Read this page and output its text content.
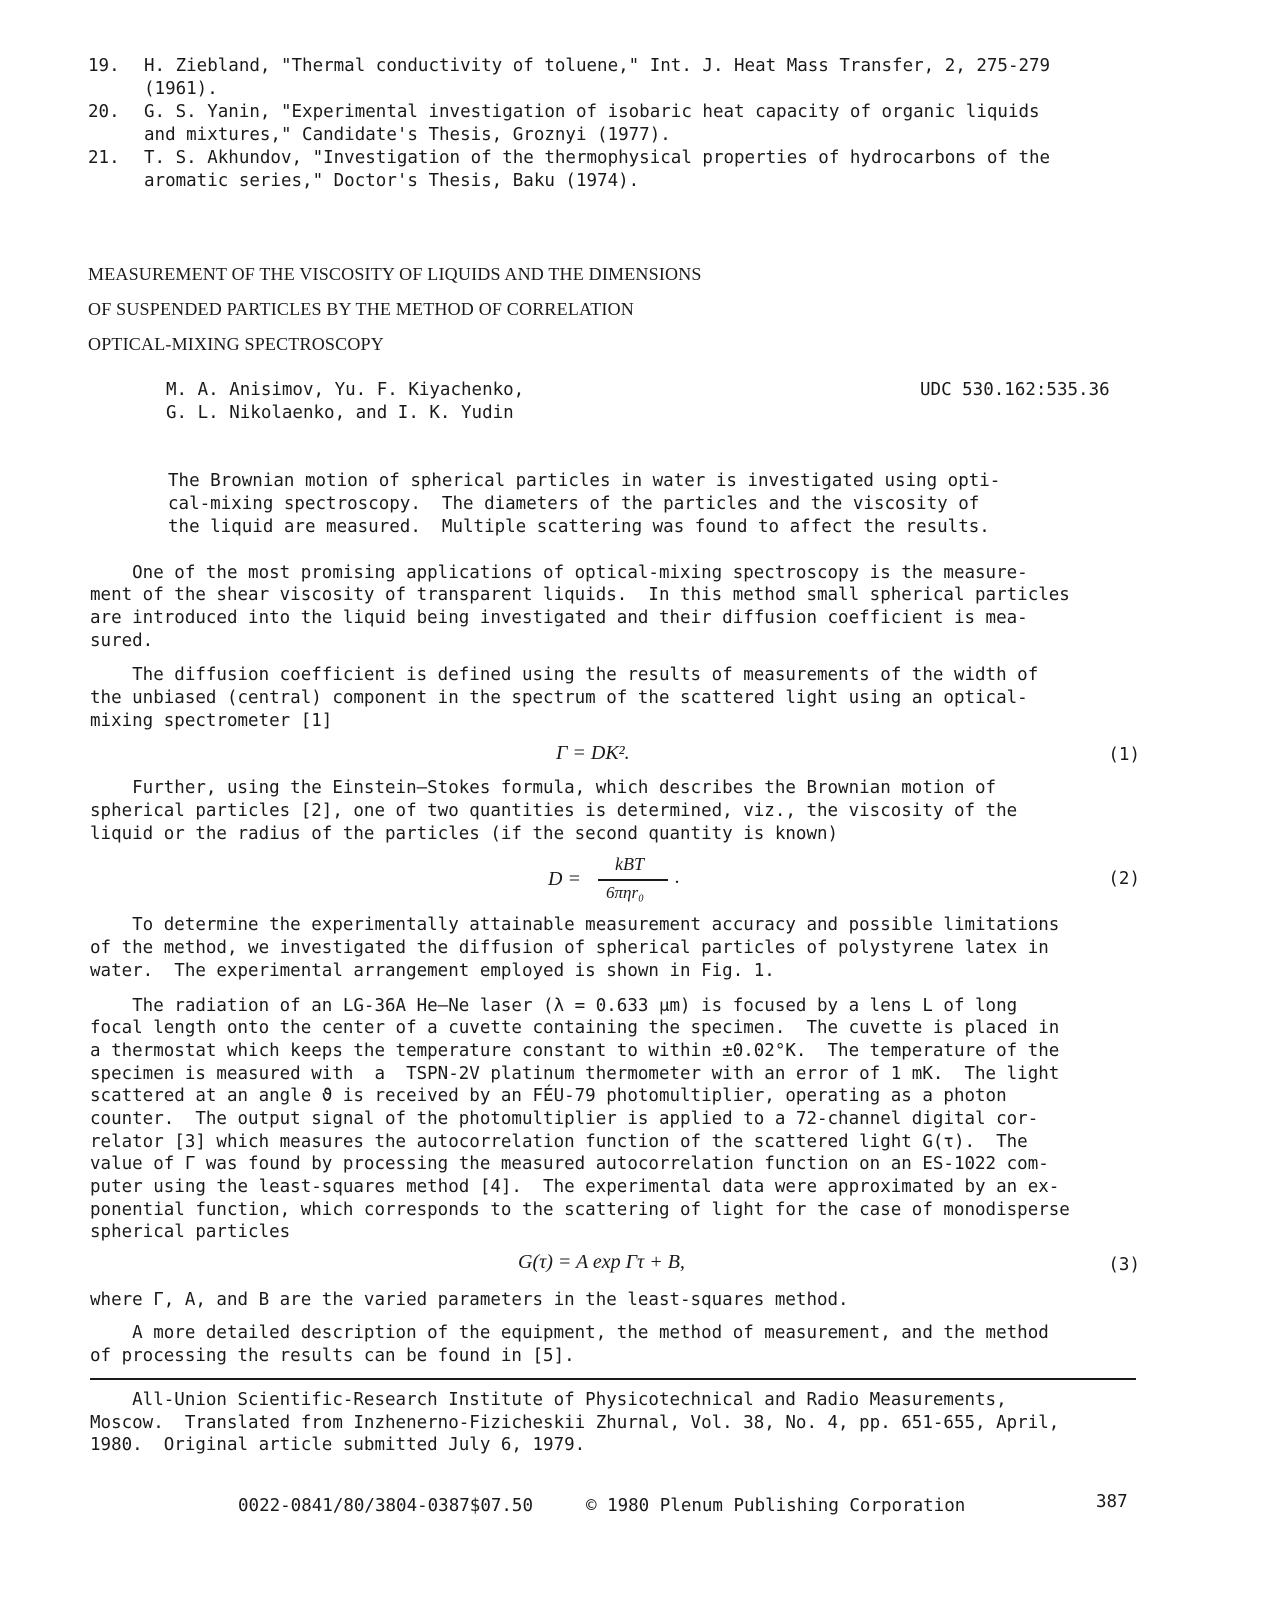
19.	H. Ziebland, "Thermal conductivity of toluene," Int. J. Heat Mass Transfer, 2, 275-279
(1961).
20.	G. S. Yanin, "Experimental investigation of isobaric heat capacity of organic liquids
and mixtures," Candidate's Thesis, Groznyi (1977).
21.	T. S. Akhundov, "Investigation of the thermophysical properties of hydrocarbons of the
aromatic series," Doctor's Thesis, Baku (1974).
MEASUREMENT OF THE VISCOSITY OF LIQUIDS AND THE DIMENSIONS
OF SUSPENDED PARTICLES BY THE METHOD OF CORRELATION
OPTICAL-MIXING SPECTROSCOPY
M. A. Anisimov, Yu. F. Kiyachenko,
G. L. Nikolaenko, and I. K. Yudin
UDC 530.162:535.36
The Brownian motion of spherical particles in water is investigated using opti-
cal-mixing spectroscopy.  The diameters of the particles and the viscosity of
the liquid are measured.  Multiple scattering was found to affect the results.
One of the most promising applications of optical-mixing spectroscopy is the measure-
ment of the shear viscosity of transparent liquids.  In this method small spherical particles
are introduced into the liquid being investigated and their diffusion coefficient is mea-
sured.
The diffusion coefficient is defined using the results of measurements of the width of
the unbiased (central) component in the spectrum of the scattered light using an optical-
mixing spectrometer [1]
Γ = DK².	(1)
Further, using the Einstein—Stokes formula, which describes the Brownian motion of
spherical particles [2], one of two quantities is determined, viz., the viscosity of the
liquid or the radius of the particles (if the second quantity is known)
D =
kBT
6πηr₀
.	(2)
To determine the experimentally attainable measurement accuracy and possible limitations
of the method, we investigated the diffusion of spherical particles of polystyrene latex in
water.  The experimental arrangement employed is shown in Fig. 1.
The radiation of an LG-36A He—Ne laser (λ = 0.633 μm) is focused by a lens L of long
focal length onto the center of a cuvette containing the specimen.  The cuvette is placed in
a thermostat which keeps the temperature constant to within ±0.02°K.  The temperature of the
specimen is measured with  a  TSPN-2V platinum thermometer with an error of 1 mK.  The light
scattered at an angle ϑ is received by an FÉU-79 photomultiplier, operating as a photon
counter.  The output signal of the photomultiplier is applied to a 72-channel digital cor-
relator [3] which measures the autocorrelation function of the scattered light G(τ).  The
value of Γ was found by processing the measured autocorrelation function on an ES-1022 com-
puter using the least-squares method [4].  The experimental data were approximated by an ex-
ponential function, which corresponds to the scattering of light for the case of monodisperse
spherical particles
G(τ) = A exp Γτ + B,	(3)
where Γ, A, and B are the varied parameters in the least-squares method.
A more detailed description of the equipment, the method of measurement, and the method
of processing the results can be found in [5].
All-Union Scientific-Research Institute of Physicotechnical and Radio Measurements,
Moscow.  Translated from Inzhenerno-Fizicheskii Zhurnal, Vol. 38, No. 4, pp. 651-655, April,
1980.  Original article submitted July 6, 1979.
0022-0841/80/3804-0387$07.50	© 1980 Plenum Publishing Corporation	387
